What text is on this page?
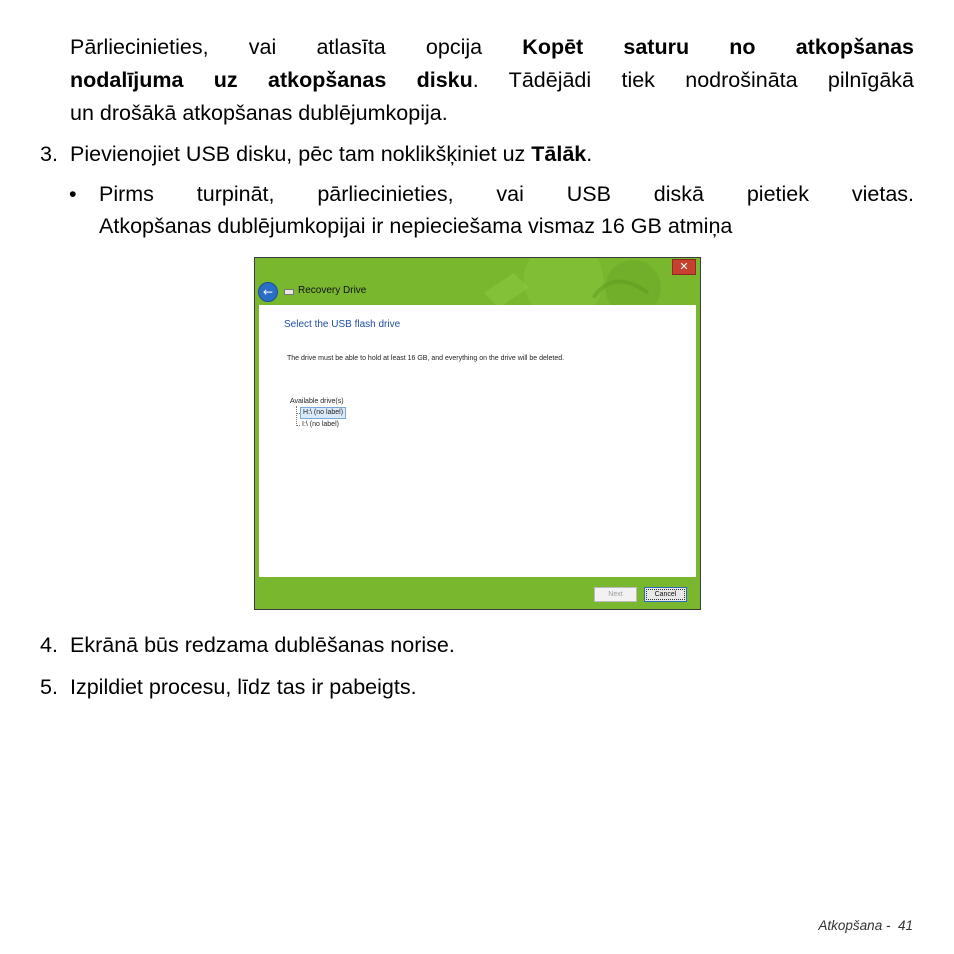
Pārliecinieties, vai atlasīta opcija Kopēt saturu no atkopšanas
nodalījuma uz atkopšanas disku. Tādējādi tiek nodrošināta pilnīgākā
un drošākā atkopšanas dublējumkopija.
3. Pievienojiet USB disku, pēc tam noklikšķiniet uz Tālāk.
• Pirms turpināt, pārliecinieties, vai USB diskā pietiek vietas.
Atkopšanas dublējumkopijai ir nepieciešama vismaz 16 GB atmiņa
✕
←	Recovery Drive
Select the USB flash drive
The drive must be able to hold at least 16 GB, and everything on the drive will be deleted.
Available drive(s)
H:\ (no label)
I:\ (no label)
Next	Cancel
4. Ekrānā būs redzama dublēšanas norise.
5. Izpildiet procesu, līdz tas ir pabeigts.
Atkopšana - 41
